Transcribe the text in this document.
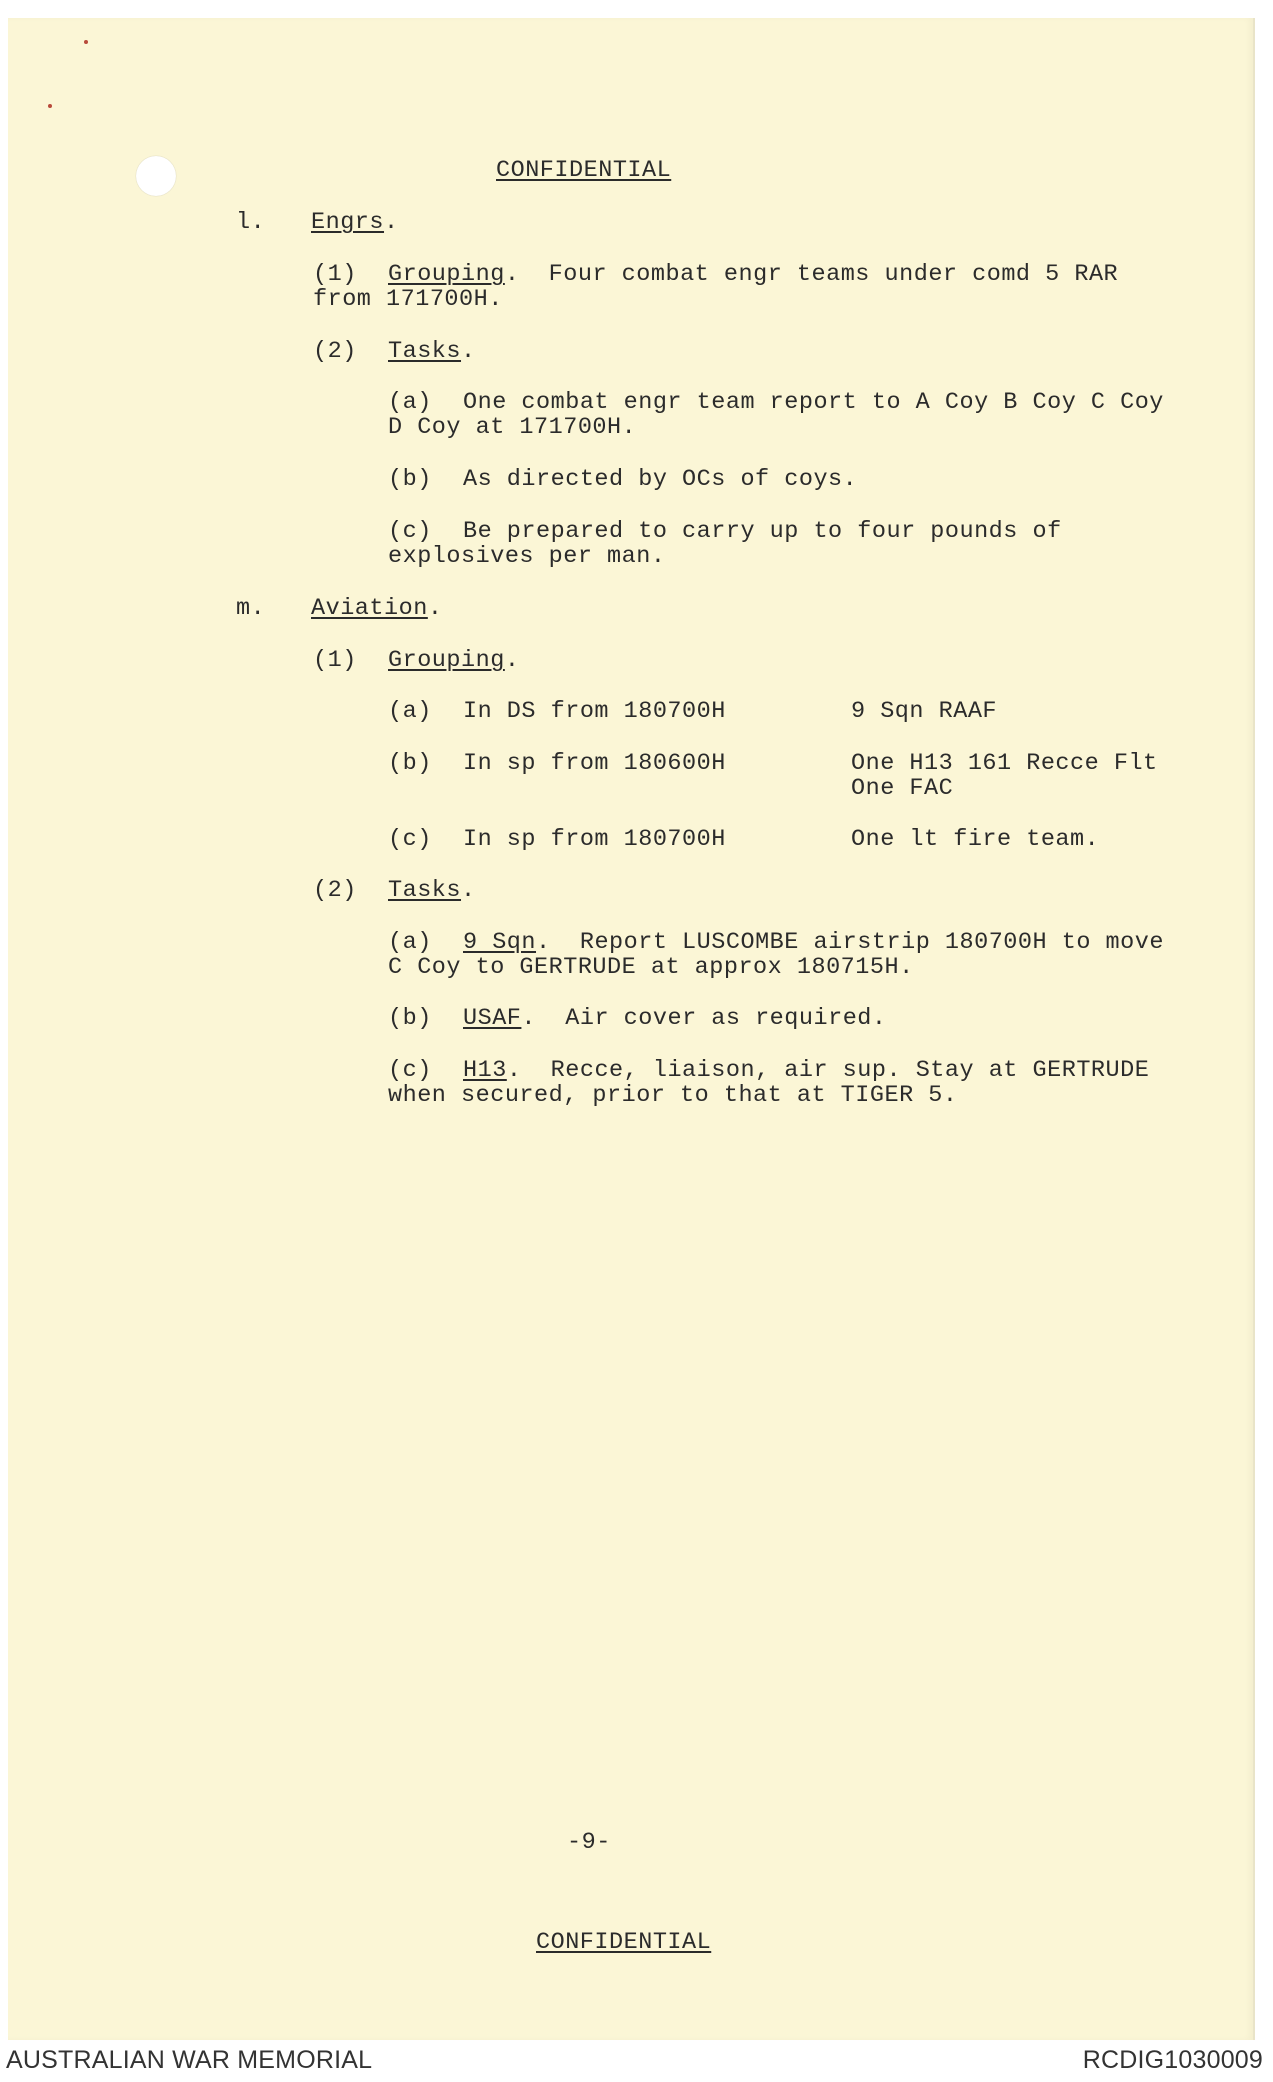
CONFIDENTIAL
l. Engrs.
(1) Grouping. Four combat engr teams under comd 5 RAR
from 171700H.
(2) Tasks.
(a) One combat engr team report to A Coy B Coy C Coy
D Coy at 171700H.
(b) As directed by OCs of coys.
(c) Be prepared to carry up to four pounds of
explosives per man.
m. Aviation.
(1) Grouping.
(a) In DS from 180700H	9 Sqn RAAF
(b) In sp from 180600H	One H13 161 Recce Flt
One FAC
(c) In sp from 180700H	One lt fire team.
(2) Tasks.
(a) 9 Sqn. Report LUSCOMBE airstrip 180700H to move
C Coy to GERTRUDE at approx 180715H.
(b) USAF. Air cover as required.
(c) H13. Recce, liaison, air sup. Stay at GERTRUDE
when secured, prior to that at TIGER 5.
-9-
CONFIDENTIAL
AUSTRALIAN WAR MEMORIAL	RCDIG1030009
